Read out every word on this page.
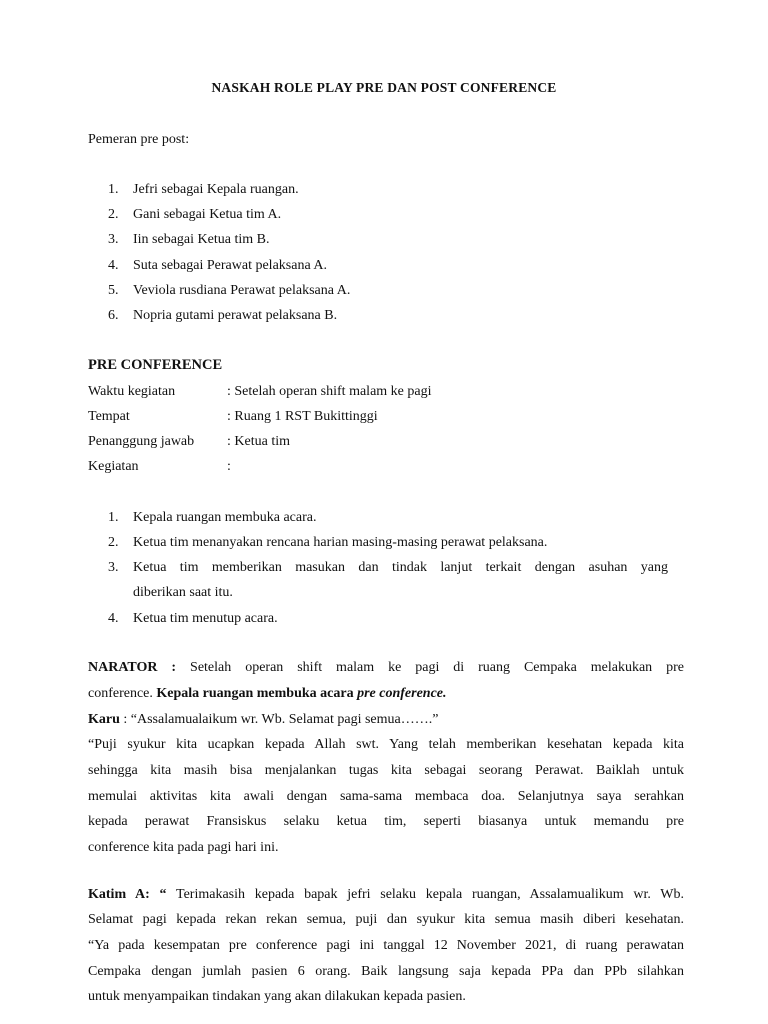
NASKAH ROLE PLAY PRE DAN POST CONFERENCE
Pemeran pre post:
1. Jefri sebagai Kepala ruangan.
2. Gani sebagai Ketua tim A.
3. Iin sebagai Ketua tim B.
4. Suta sebagai Perawat pelaksana A.
5. Veviola rusdiana Perawat pelaksana A.
6. Nopria gutami perawat pelaksana B.
PRE CONFERENCE
Waktu kegiatan	: Setelah operan shift malam ke pagi
Tempat	: Ruang 1 RST Bukittinggi
Penanggung jawab : Ketua tim
Kegiatan	:
1. Kepala ruangan membuka acara.
2. Ketua tim menanyakan rencana harian masing-masing perawat pelaksana.
3. Ketua tim memberikan masukan dan tindak lanjut terkait dengan asuhan yang
diberikan saat itu.
4. Ketua tim menutup acara.
NARATOR : Setelah operan shift malam ke pagi di ruang Cempaka melakukan pre
conference. Kepala ruangan membuka acara pre conference.
Karu : “Assalamualaikum wr. Wb. Selamat pagi semua…….”
“Puji syukur kita ucapkan kepada Allah swt. Yang telah memberikan kesehatan kepada kita
sehingga kita masih bisa menjalankan tugas kita sebagai seorang Perawat. Baiklah untuk
memulai aktivitas kita awali dengan sama-sama membaca doa. Selanjutnya saya serahkan
kepada perawat Fransiskus selaku ketua tim, seperti biasanya untuk memandu pre
conference kita pada pagi hari ini.
Katim A: “ Terimakasih kepada bapak jefri selaku kepala ruangan, Assalamualikum wr. Wb.
Selamat pagi kepada rekan rekan semua, puji dan syukur kita semua masih diberi kesehatan.
“Ya pada kesempatan pre conference pagi ini tanggal 12 November 2021, di ruang perawatan
Cempaka dengan jumlah pasien 6 orang. Baik langsung saja kepada PPa dan PPb silahkan
untuk menyampaikan tindakan yang akan dilakukan kepada pasien.
